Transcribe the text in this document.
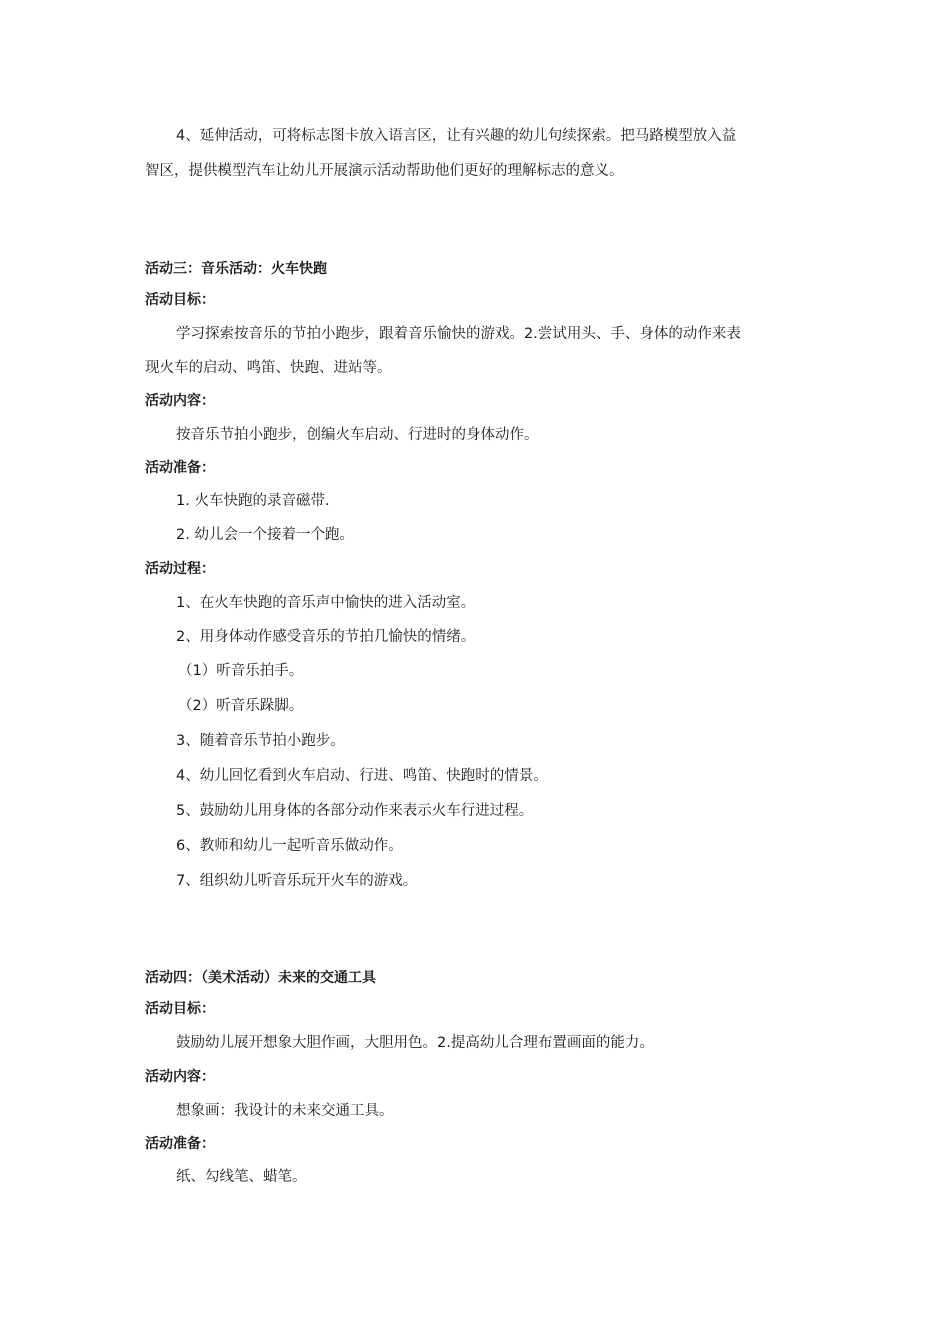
4、延伸活动，可将标志图卡放入语言区，让有兴趣的幼儿句续探索。把马路模型放入益
智区，提供模型汽车让幼儿开展演示活动帮助他们更好的理解标志的意义。
活动三：音乐活动：火车快跑
活动目标：
学习探索按音乐的节拍小跑步，跟着音乐愉快的游戏。2.尝试用头、手、身体的动作来表
现火车的启动、鸣笛、快跑、进站等。
活动内容：
按音乐节拍小跑步，创编火车启动、行进时的身体动作。
活动准备：
1. 火车快跑的录音磁带.
2. 幼儿会一个接着一个跑。
活动过程：
1、在火车快跑的音乐声中愉快的进入活动室。
2、用身体动作感受音乐的节拍几愉快的情绪。
（1）听音乐拍手。
（2）听音乐跺脚。
3、随着音乐节拍小跑步。
4、幼儿回忆看到火车启动、行进、鸣笛、快跑时的情景。
5、鼓励幼儿用身体的各部分动作来表示火车行进过程。
6、教师和幼儿一起听音乐做动作。
7、组织幼儿听音乐玩开火车的游戏。
活动四：（美术活动）未来的交通工具
活动目标：
鼓励幼儿展开想象大胆作画，大胆用色。2.提高幼儿合理布置画面的能力。
活动内容：
想象画：我设计的未来交通工具。
活动准备：
纸、勾线笔、蜡笔。
